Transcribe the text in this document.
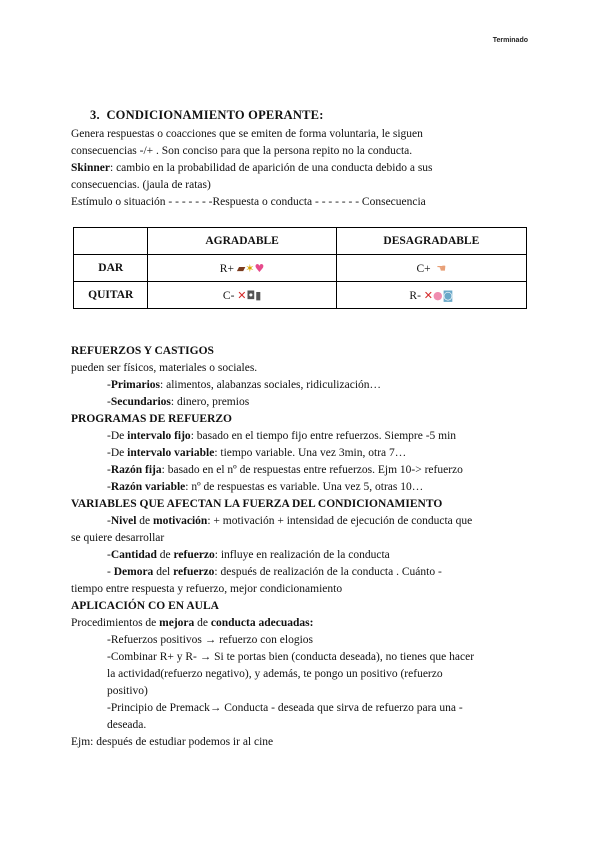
Terminado
3. CONDICIONAMIENTO OPERANTE:
Genera respuestas o coacciones que se emiten de forma voluntaria, le siguen
consecuencias -/+ . Son conciso para que la persona repito no la conducta.
Skinner: cambio en la probabilidad de aparición de una conducta debido a sus
consecuencias. (jaula de ratas)
Estímulo o situación - - - - - - -Respuesta o conducta - - - - - - - Consecuencia
	AGRADABLE	DESAGRADABLE
DAR	R+ ▰✶♥	C+ ☚
QUITAR	C- ✕◘▮	R- ✕●◙
REFUERZOS Y CASTIGOS
pueden ser físicos, materiales o sociales.
-Primarios: alimentos, alabanzas sociales, ridiculización…
-Secundarios: dinero, premios
PROGRAMAS DE REFUERZO
-De intervalo fijo: basado en el tiempo fijo entre refuerzos. Siempre -5 min
-De intervalo variable: tiempo variable. Una vez 3min, otra 7…
-Razón fija: basado en el nº de respuestas entre refuerzos. Ejm 10-> refuerzo
-Razón variable: nº de respuestas es variable. Una vez 5, otras 10…
VARIABLES QUE AFECTAN LA FUERZA DEL CONDICIONAMIENTO
-Nivel de motivación: + motivación + intensidad de ejecución de conducta que
se quiere desarrollar
-Cantidad de refuerzo: influye en realización de la conducta
- Demora del refuerzo: después de realización de la conducta . Cuánto -
tiempo entre respuesta y refuerzo, mejor condicionamiento
APLICACIÓN CO EN AULA
Procedimientos de mejora de conducta adecuadas:
-Refuerzos positivos → refuerzo con elogios
-Combinar R+ y R- → Si te portas bien (conducta deseada), no tienes que hacer
la actividad(refuerzo negativo), y además, te pongo un positivo (refuerzo
positivo)
-Principio de Premack→ Conducta - deseada que sirva de refuerzo para una -
deseada.
Ejm: después de estudiar podemos ir al cine
